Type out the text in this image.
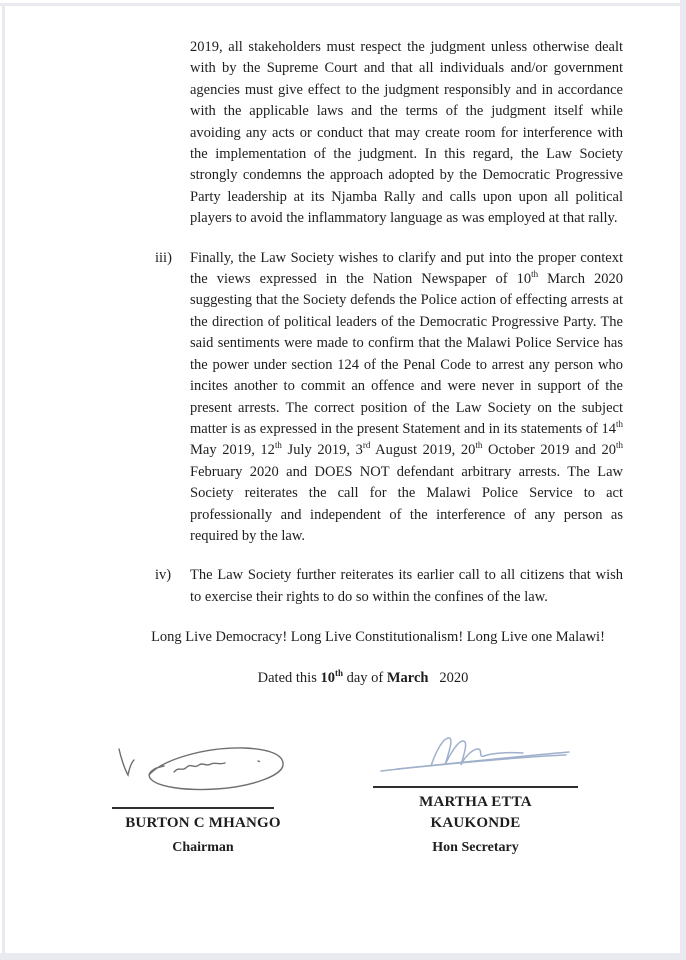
2019, all stakeholders must respect the judgment unless otherwise dealt with by the Supreme Court and that all individuals and/or government agencies must give effect to the judgment responsibly and in accordance with the applicable laws and the terms of the judgment itself while avoiding any acts or conduct that may create room for interference with the implementation of the judgment. In this regard, the Law Society strongly condemns the approach adopted by the Democratic Progressive Party leadership at its Njamba Rally and calls upon upon all political players to avoid the inflammatory language as was employed at that rally.
iii)	Finally, the Law Society wishes to clarify and put into the proper context the views expressed in the Nation Newspaper of 10th March 2020 suggesting that the Society defends the Police action of effecting arrests at the direction of political leaders of the Democratic Progressive Party. The said sentiments were made to confirm that the Malawi Police Service has the power under section 124 of the Penal Code to arrest any person who incites another to commit an offence and were never in support of the present arrests. The correct position of the Law Society on the subject matter is as expressed in the present Statement and in its statements of 14th May 2019, 12th July 2019, 3rd August 2019, 20th October 2019 and 20th February 2020 and DOES NOT defendant arbitrary arrests. The Law Society reiterates the call for the Malawi Police Service to act professionally and independent of the interference of any person as required by the law.
iv)	The Law Society further reiterates its earlier call to all citizens that wish to exercise their rights to do so within the confines of the law.
Long Live Democracy! Long Live Constitutionalism! Long Live one Malawi!
Dated this 10th day of March   2020
BURTON C MHANGO
Chairman
MARTHA ETTA KAUKONDE
Hon Secretary
